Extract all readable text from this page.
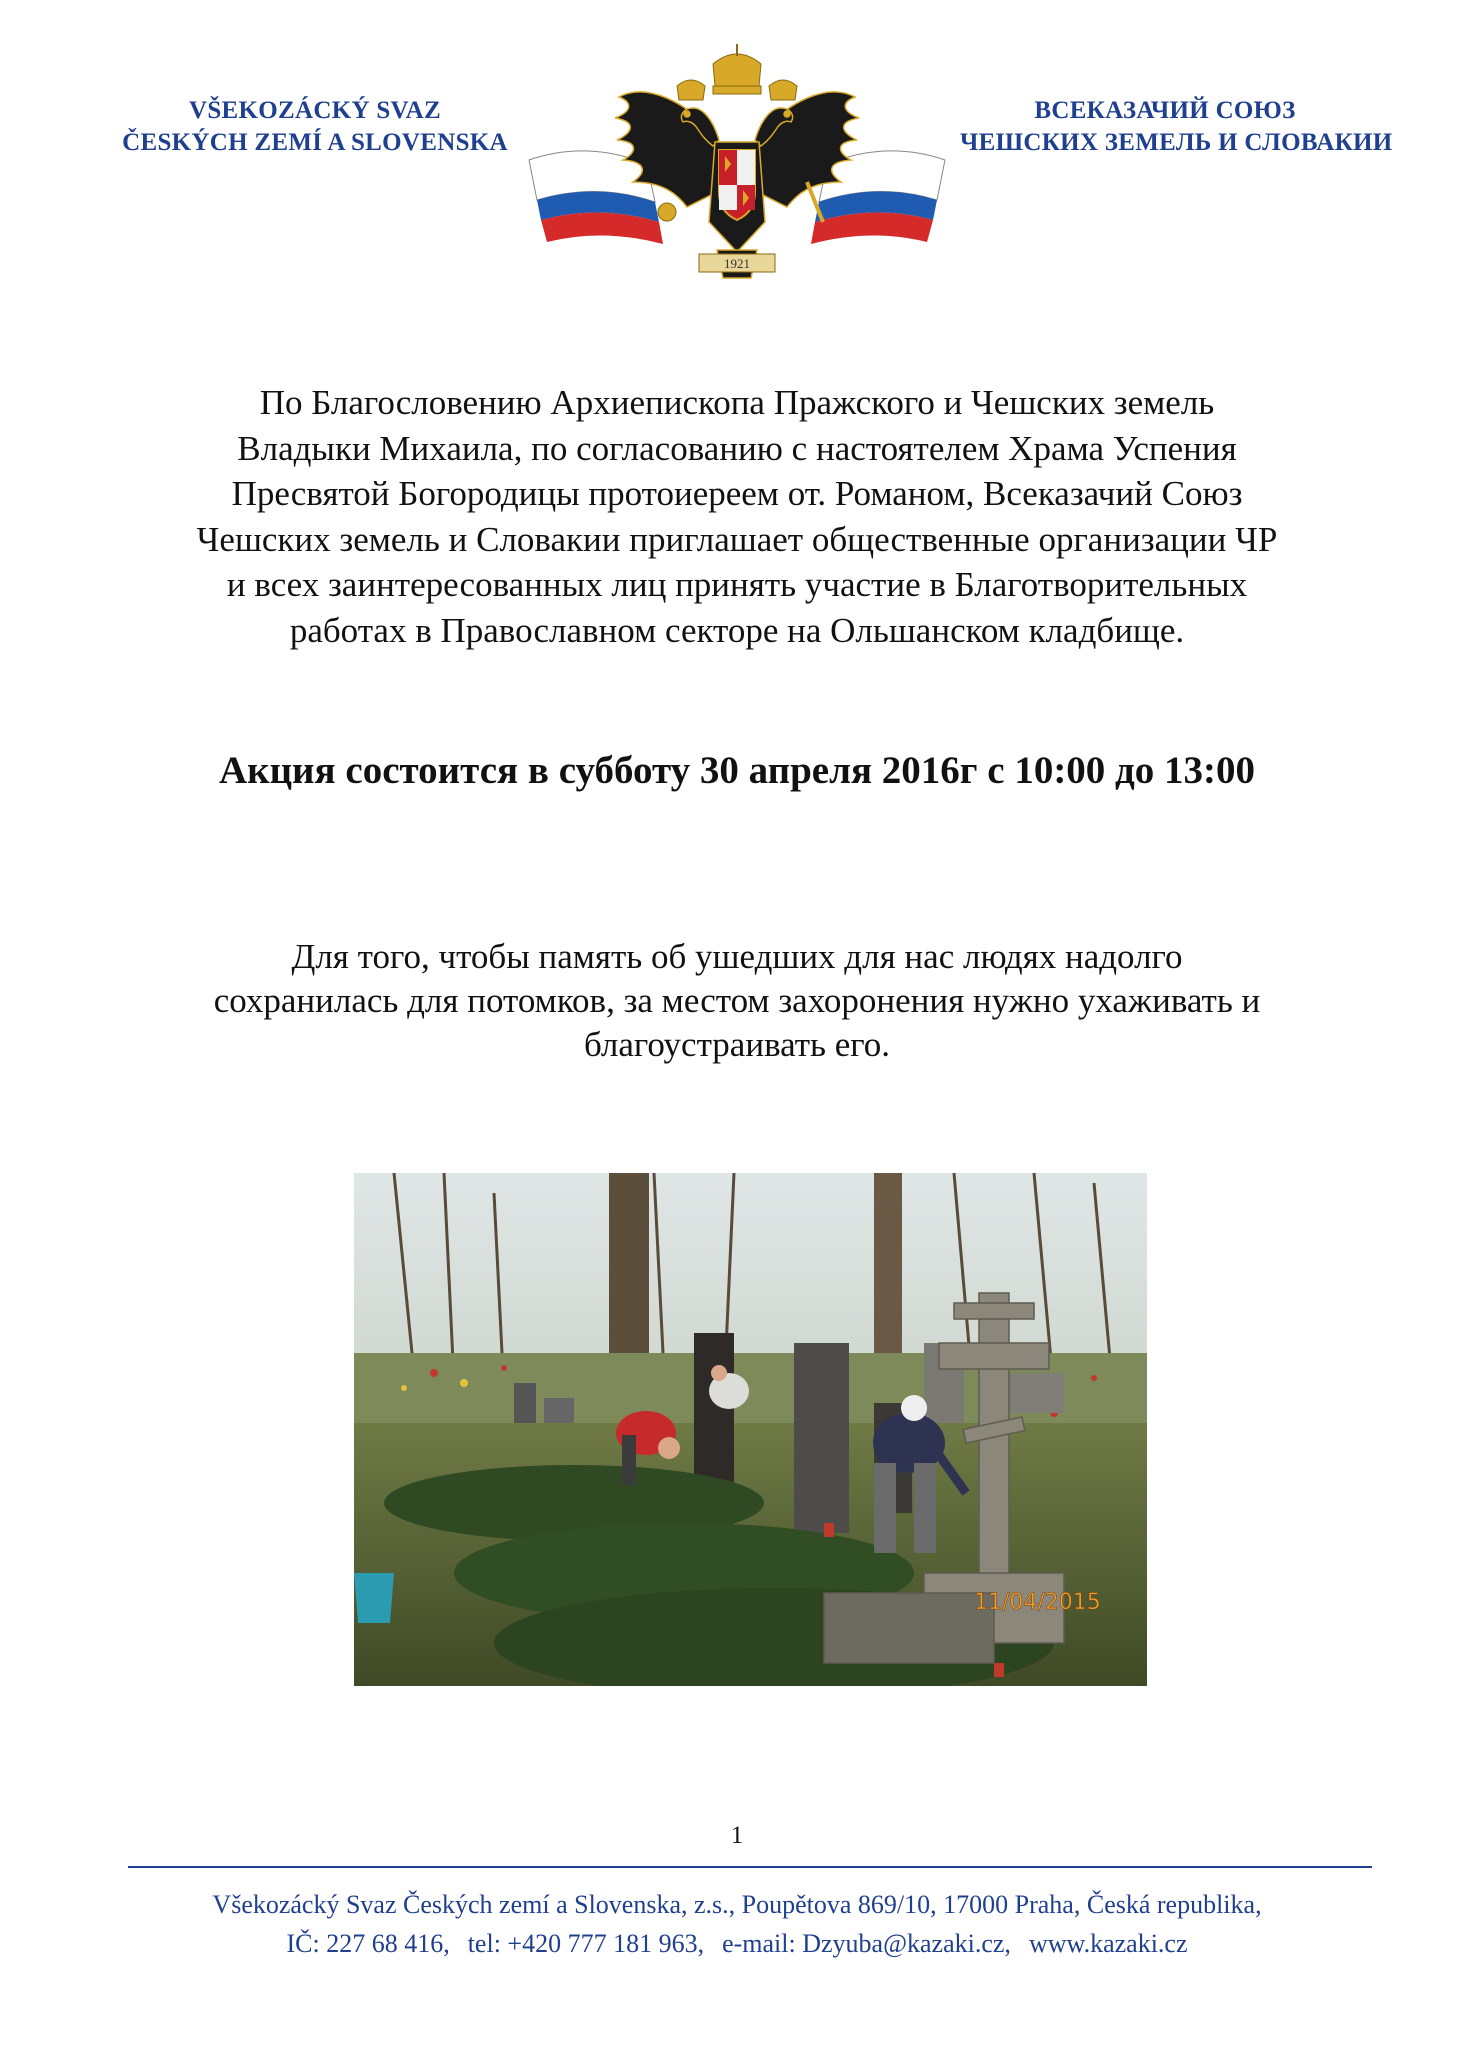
VŠEKOZÁCKÝ SVAZ
ČESKÝCH ZEMÍ A SLOVENSKA
1921
ВСЕКАЗАЧИЙ СОЮЗ
ЧЕШСКИХ ЗЕМЕЛЬ И СЛОВАКИИ
По Благословению Архиепископа Пражского и Чешских земель
Владыки Михаила, по согласованию с настоятелем Храма Успения
Пресвятой Богородицы протоиереем от. Романом, Всеказачий Союз
Чешских земель и Словакии приглашает общественные организации ЧР
и всех заинтересованных лиц принять участие в Благотворительных
работах в Православном секторе на Ольшанском кладбище.
Акция состоится в субботу 30 апреля 2016г с 10:00 до 13:00
Для того, чтобы память об ушедших для нас людях надолго
сохранилась для потомков, за местом захоронения нужно ухаживать и
благоустраивать его.
11/04/2015
1
Všekozácký Svaz Českých zemí a Slovenska, z.s., Poupětova 869/10, 17000 Praha, Česká republika,
IČ: 227 68 416, tel: +420 777 181 963, e-mail: Dzyuba@kazaki.cz, www.kazaki.cz
